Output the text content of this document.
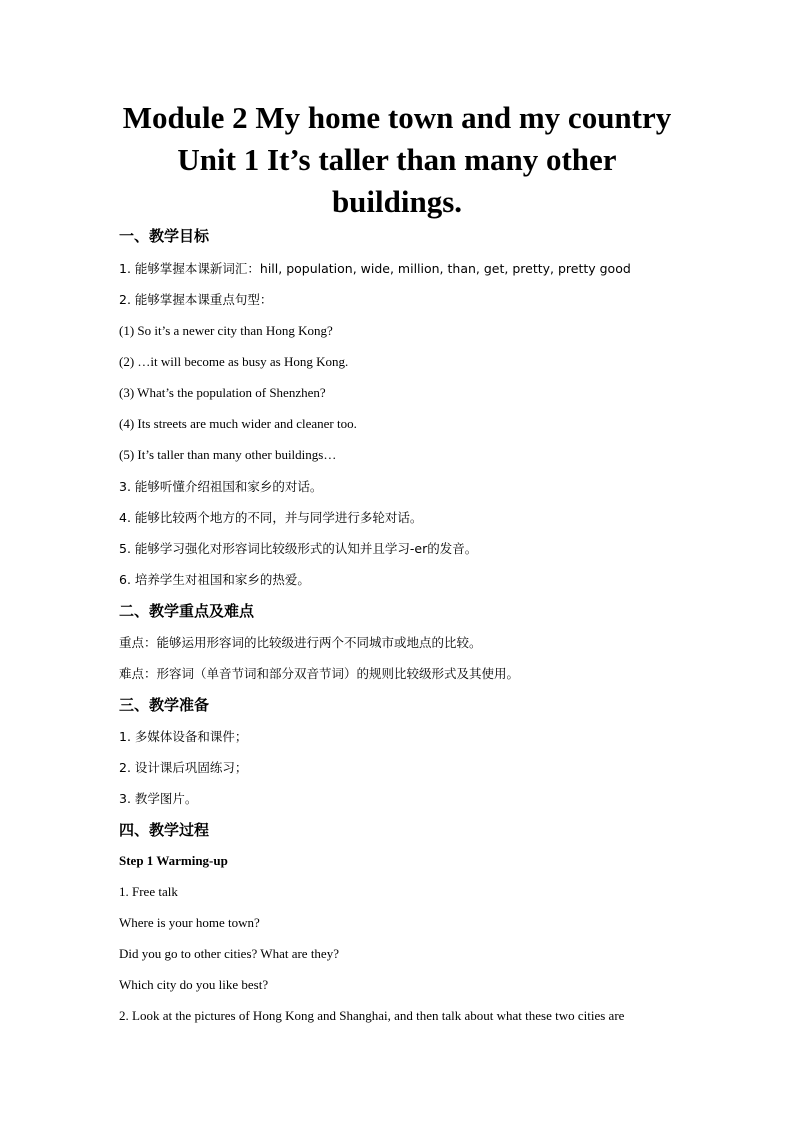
Module 2 My home town and my country
Unit 1 It’s taller than many other
buildings.

一、教学目标

1. 能够掌握本课新词汇：hill, population, wide, million, than, get, pretty, pretty good

2. 能够掌握本课重点句型：

(1) So it’s a newer city than Hong Kong?

(2) …it will become as busy as Hong Kong.

(3) What’s the population of Shenzhen?

(4) Its streets are much wider and cleaner too.

(5) It’s taller than many other buildings…

3. 能够听懂介绍祖国和家乡的对话。

4. 能够比较两个地方的不同，并与同学进行多轮对话。

5. 能够学习强化对形容词比较级形式的认知并且学习-er的发音。

6. 培养学生对祖国和家乡的热爱。

二、教学重点及难点

重点：能够运用形容词的比较级进行两个不同城市或地点的比较。

难点：形容词（单音节词和部分双音节词）的规则比较级形式及其使用。

三、教学准备

1. 多媒体设备和课件；

2. 设计课后巩固练习；

3. 教学图片。

四、教学过程

Step 1 Warming-up

1. Free talk

Where is your home town?

Did you go to other cities? What are they?

Which city do you like best?

2. Look at the pictures of Hong Kong and Shanghai, and then talk about what these two cities are
